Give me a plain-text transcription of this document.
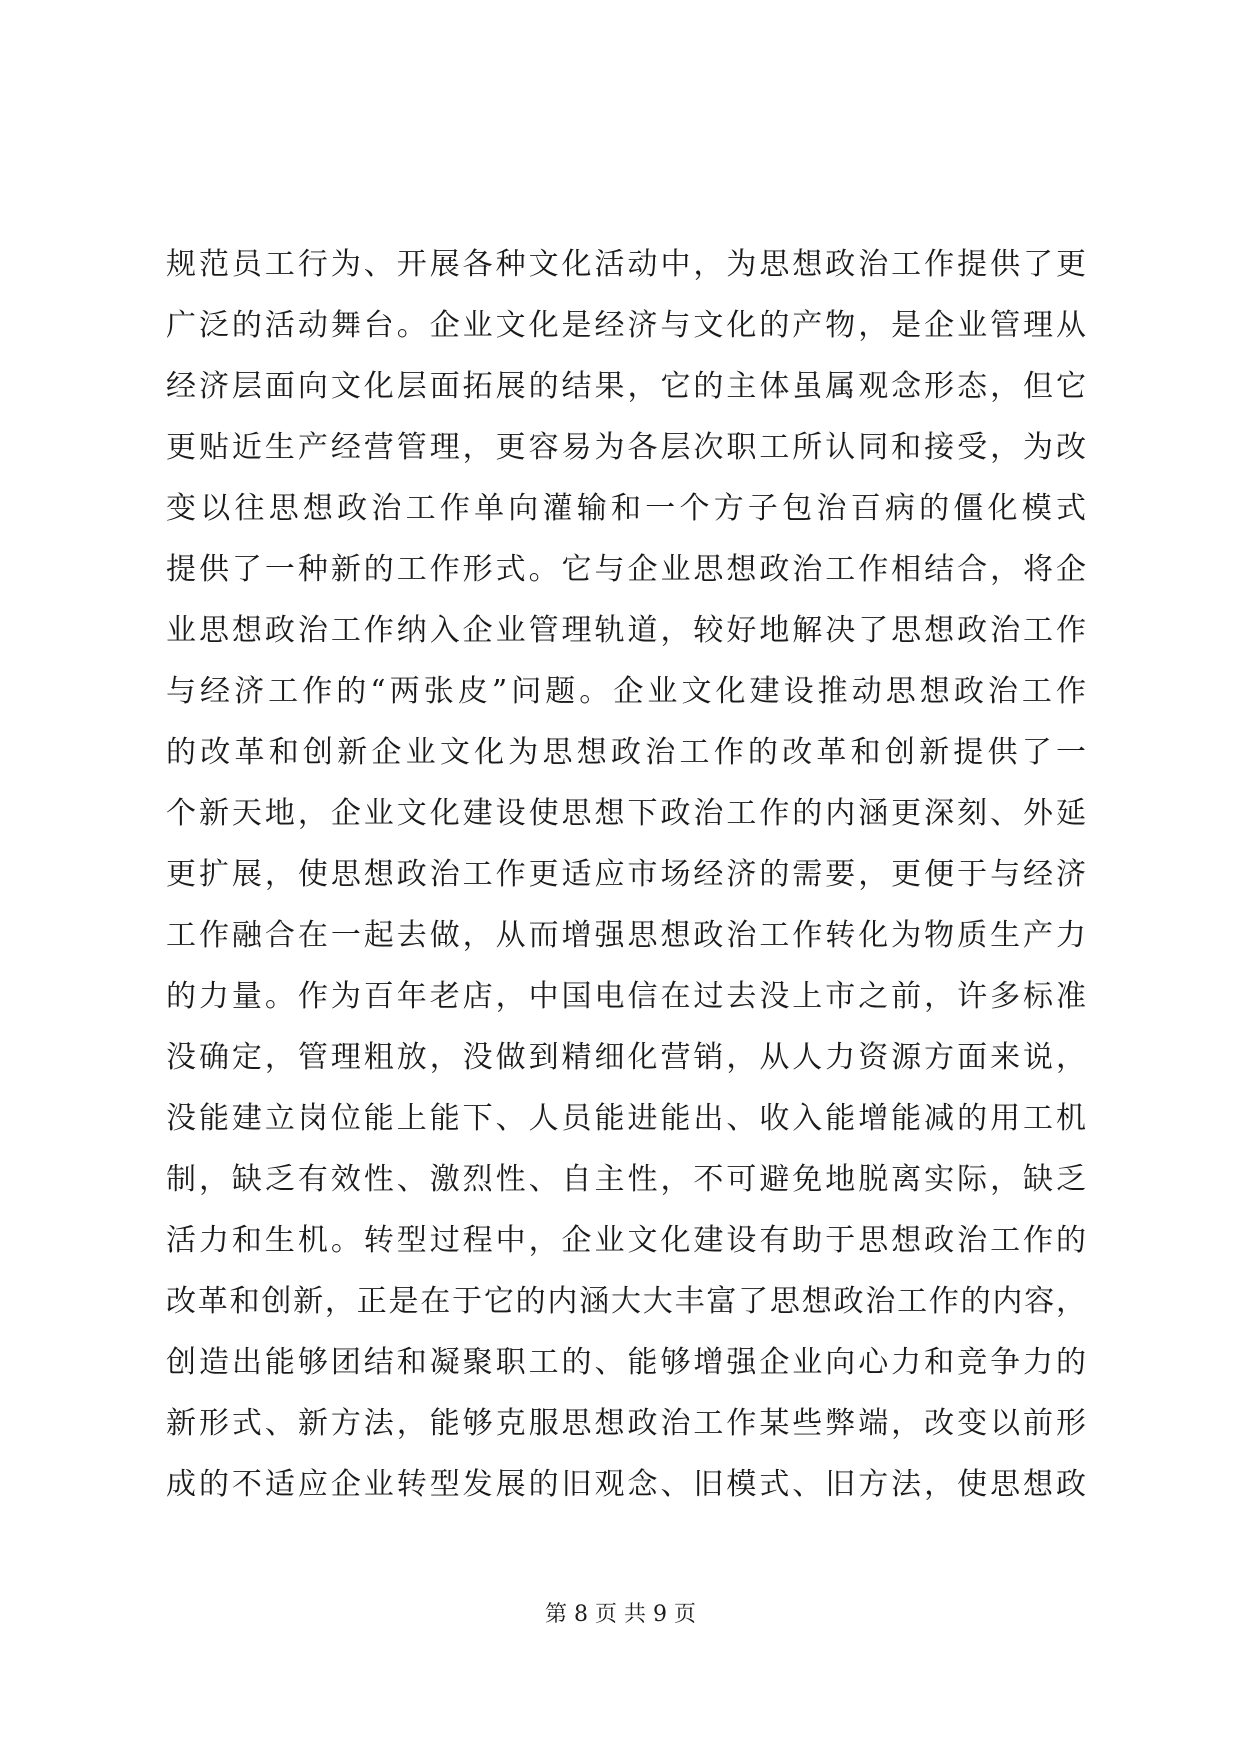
规范员工行为、开展各种文化活动中，为思想政治工作提供了更
广泛的活动舞台。企业文化是经济与文化的产物，是企业管理从
经济层面向文化层面拓展的结果，它的主体虽属观念形态，但它
更贴近生产经营管理，更容易为各层次职工所认同和接受，为改
变以往思想政治工作单向灌输和一个方子包治百病的僵化模式
提供了一种新的工作形式。它与企业思想政治工作相结合，将企
业思想政治工作纳入企业管理轨道，较好地解决了思想政治工作
与经济工作的“两张皮”问题。企业文化建设推动思想政治工作
的改革和创新企业文化为思想政治工作的改革和创新提供了一
个新天地，企业文化建设使思想下政治工作的内涵更深刻、外延
更扩展，使思想政治工作更适应市场经济的需要，更便于与经济
工作融合在一起去做，从而增强思想政治工作转化为物质生产力
的力量。作为百年老店，中国电信在过去没上市之前，许多标准
没确定，管理粗放，没做到精细化营销，从人力资源方面来说，
没能建立岗位能上能下、人员能进能出、收入能增能减的用工机
制，缺乏有效性、激烈性、自主性，不可避免地脱离实际，缺乏
活力和生机。转型过程中，企业文化建设有助于思想政治工作的
改革和创新，正是在于它的内涵大大丰富了思想政治工作的内容，
创造出能够团结和凝聚职工的、能够增强企业向心力和竞争力的
新形式、新方法，能够克服思想政治工作某些弊端，改变以前形
成的不适应企业转型发展的旧观念、旧模式、旧方法，使思想政
第 8 页 共 9 页
